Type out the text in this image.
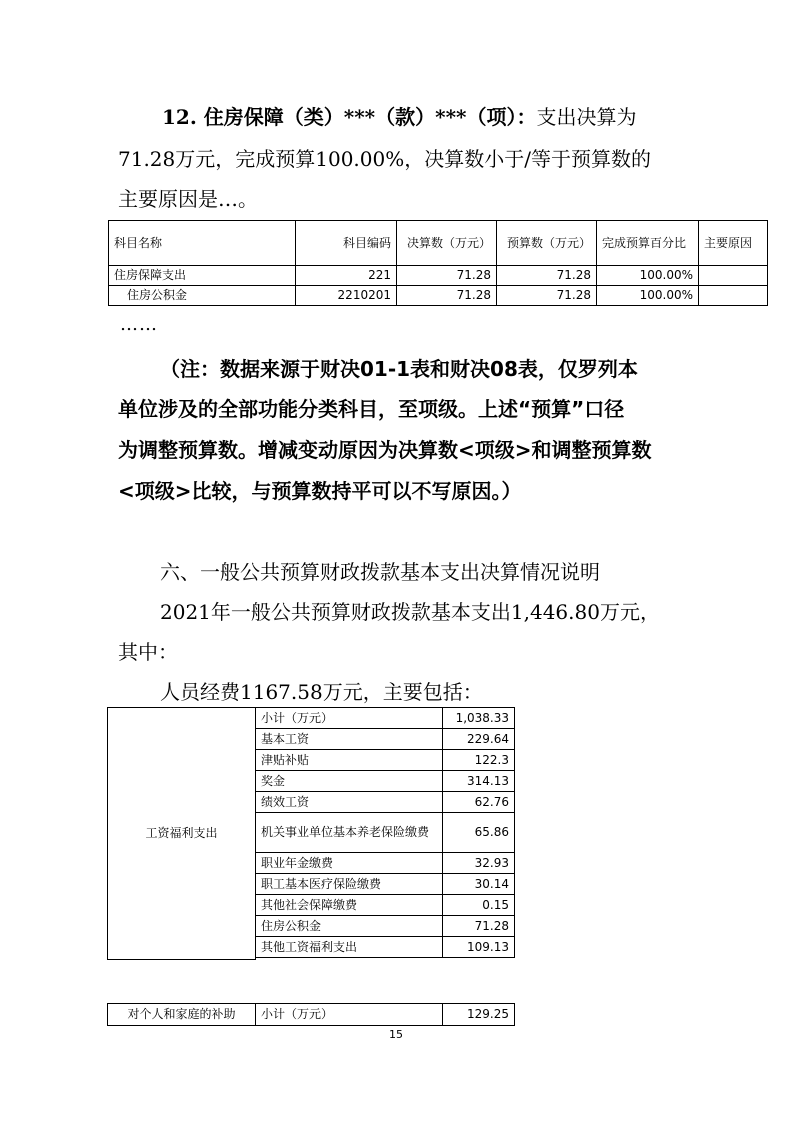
12. 住房保障（类）***（款）***（项）：支出决算为
71.28万元，完成预算100.00%，决算数小于/等于预算数的
主要原因是…。
科目名称	科目编码	决算数（万元）	预算数（万元）	完成预算百分比	主要原因
住房保障支出	221	71.28	71.28	100.00%	
住房公积金	2210201	71.28	71.28	100.00%	
……
（注：数据来源于财决01-1表和财决08表，仅罗列本
单位涉及的全部功能分类科目，至项级。上述“预算”口径
为调整预算数。增减变动原因为决算数<项级>和调整预算数
<项级>比较，与预算数持平可以不写原因。）
六、一般公共预算财政拨款基本支出决算情况说明
2021年一般公共预算财政拨款基本支出1,446.80万元，
其中：
人员经费1167.58万元，主要包括：
工资福利支出	小计（万元）	1,038.33
	基本工资	229.64
	津贴补贴	122.3
	奖金	314.13
	绩效工资	62.76
	机关事业单位基本养老保险缴费	65.86
	职业年金缴费	32.93
	职工基本医疗保险缴费	30.14
	其他社会保障缴费	0.15
	住房公积金	71.28
	其他工资福利支出	109.13

对个人和家庭的补助	小计（万元）	129.25
15
